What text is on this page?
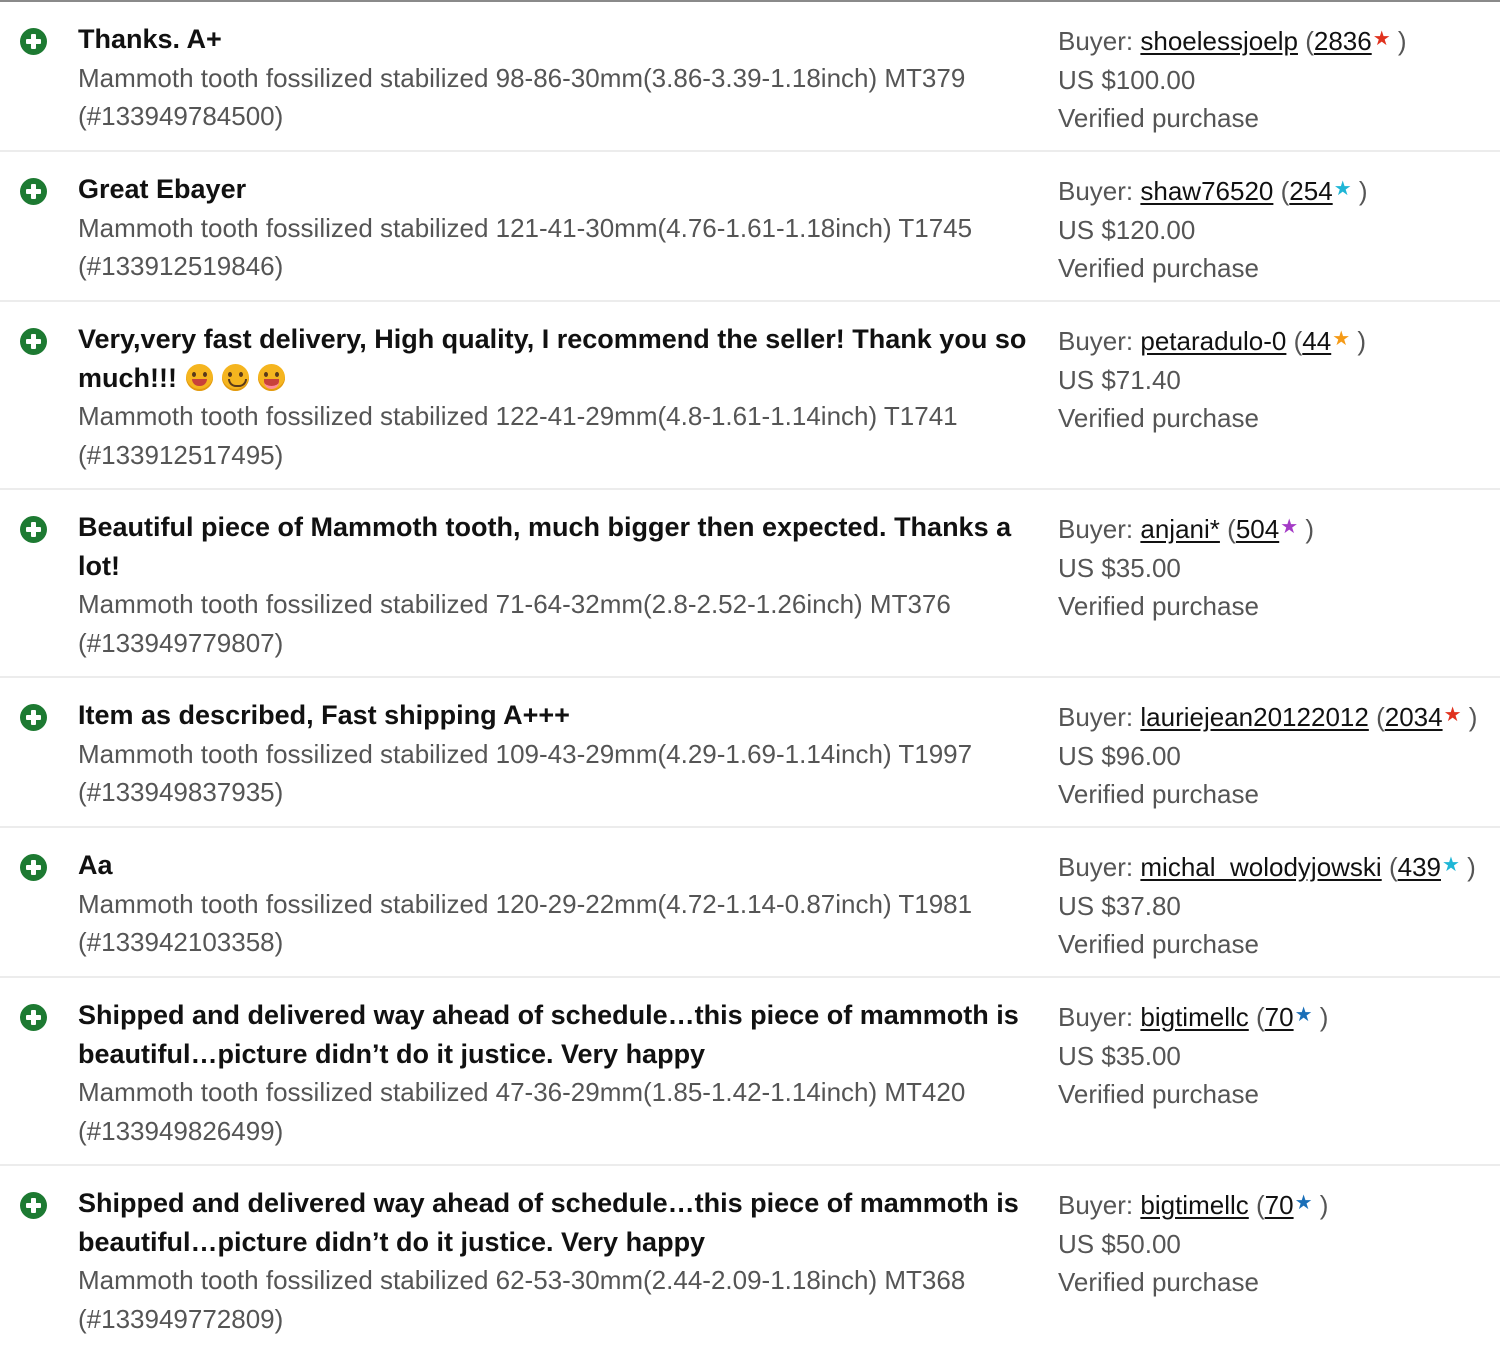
Thanks. A+
Mammoth tooth fossilized stabilized 98-86-30mm(3.86-3.39-1.18inch) MT379
(#133949784500)
Buyer: shoelessjoelp (2836★ )
US $100.00
Verified purchase
Great Ebayer
Mammoth tooth fossilized stabilized 121-41-30mm(4.76-1.61-1.18inch) T1745
(#133912519846)
Buyer: shaw76520 (254★ )
US $120.00
Verified purchase
Very,very fast delivery, High quality, I recommend the seller! Thank you so much!!!
Mammoth tooth fossilized stabilized 122-41-29mm(4.8-1.61-1.14inch) T1741
(#133912517495)
Buyer: petaradulo-0 (44★ )
US $71.40
Verified purchase
Beautiful piece of Mammoth tooth, much bigger then expected. Thanks a lot!
Mammoth tooth fossilized stabilized 71-64-32mm(2.8-2.52-1.26inch) MT376
(#133949779807)
Buyer: anjani* (504★ )
US $35.00
Verified purchase
Item as described, Fast shipping A+++
Mammoth tooth fossilized stabilized 109-43-29mm(4.29-1.69-1.14inch) T1997
(#133949837935)
Buyer: lauriejean20122012 (2034★ )
US $96.00
Verified purchase
Aa
Mammoth tooth fossilized stabilized 120-29-22mm(4.72-1.14-0.87inch) T1981
(#133942103358)
Buyer: michal_wolodyjowski (439★ )
US $37.80
Verified purchase
Shipped and delivered way ahead of schedule…this piece of mammoth is beautiful…picture didn’t do it justice. Very happy
Mammoth tooth fossilized stabilized 47-36-29mm(1.85-1.42-1.14inch) MT420
(#133949826499)
Buyer: bigtimellc (70★ )
US $35.00
Verified purchase
Shipped and delivered way ahead of schedule…this piece of mammoth is beautiful…picture didn’t do it justice. Very happy
Mammoth tooth fossilized stabilized 62-53-30mm(2.44-2.09-1.18inch) MT368
(#133949772809)
Buyer: bigtimellc (70★ )
US $50.00
Verified purchase
